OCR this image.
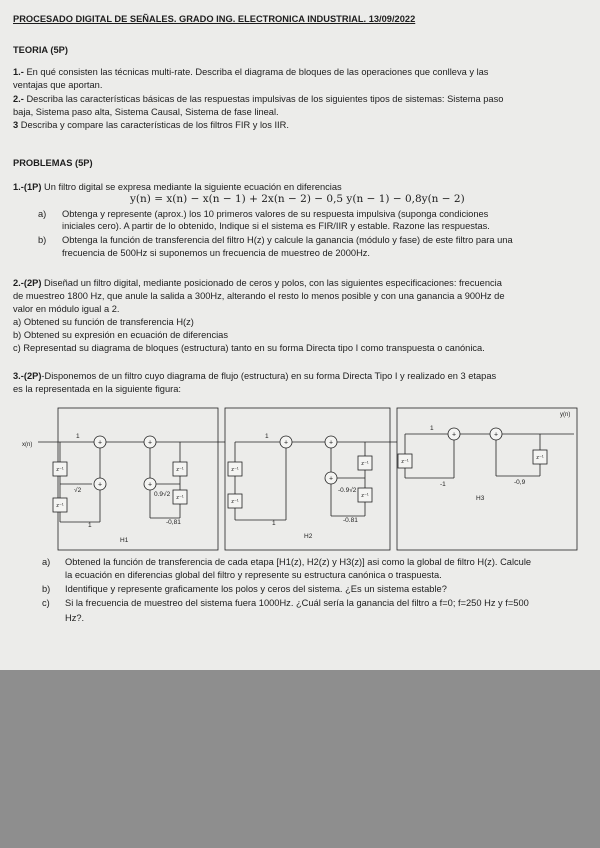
PROCESADO DIGITAL DE SEÑALES. GRADO ING. ELECTRONICA INDUSTRIAL. 13/09/2022
TEORIA (5P)
1.- En qué consisten las técnicas multi-rate. Describa el diagrama de bloques de las operaciones que conlleva y las
ventajas que aportan.
2.- Describa las características básicas de las respuestas impulsivas de los siguientes tipos de sistemas: Sistema paso
baja, Sistema paso alta, Sistema Causal, Sistema de fase lineal.
3 Describa y compare las características de los filtros FIR y los IIR.
PROBLEMAS (5P)
1.-(1P) Un filtro digital se expresa mediante la siguiente ecuación en diferencias
y(n) = x(n) − x(n − 1) + 2x(n − 2) − 0,5 y(n − 1) − 0,8y(n − 2)
a) Obtenga y represente (aprox.) los 10 primeros valores de su respuesta impulsiva (suponga condiciones
iniciales cero). A partir de lo obtenido, Indique si el sistema es FIR/IIR y estable. Razone las respuestas.
b) Obtenga la función de transferencia del filtro H(z) y calcule la ganancia (módulo y fase) de este filtro para una
frecuencia de 500Hz si suponemos un frecuencia de muestreo de 2000Hz.
2.-(2P) Diseñad un filtro digital, mediante posicionado de ceros y polos, con las siguientes especificaciones: frecuencia
de muestreo 1800 Hz, que anule la salida a 300Hz, alterando el resto lo menos posible y con una ganancia a 900Hz de
valor en módulo igual a 2.
a) Obtened su función de transferencia H(z)
b) Obtened su expresión en ecuación de diferencias
c) Representad su diagrama de bloques (estructura) tanto en su forma Directa tipo I como transpuesta o canónica.
3.-(2P)-Disponemos de un filtro cuyo diagrama de flujo (estructura) en su forma Directa Tipo I y realizado en 3 etapas
es la representada en la siguiente figura:
+	+
+	+
+	+
+
+	+
z⁻¹
z⁻¹
z⁻¹
z⁻¹
z⁻¹
z⁻¹
z⁻¹
z⁻¹
z⁻¹
z⁻¹
x(n)
y(n)
1
√2
1
0.9√2
-0,81
H1
1
-0.9√2
1	-0.81
H2
1
-1	-0,9
H3
a) Obtened la función de transferencia de cada etapa [H1(z), H2(z) y H3(z)] asi como la global de filtro H(z). Calcule
la ecuación en diferencias global del filtro y represente su estructura canónica o traspuesta.
b) Identifique y represente graficamente los polos y ceros del sistema. ¿Es un sistema estable?
c) Si la frecuencia de muestreo del sistema fuera 1000Hz. ¿Cuál sería la ganancia del filtro a f=0; f=250 Hz y f=500
Hz?.
